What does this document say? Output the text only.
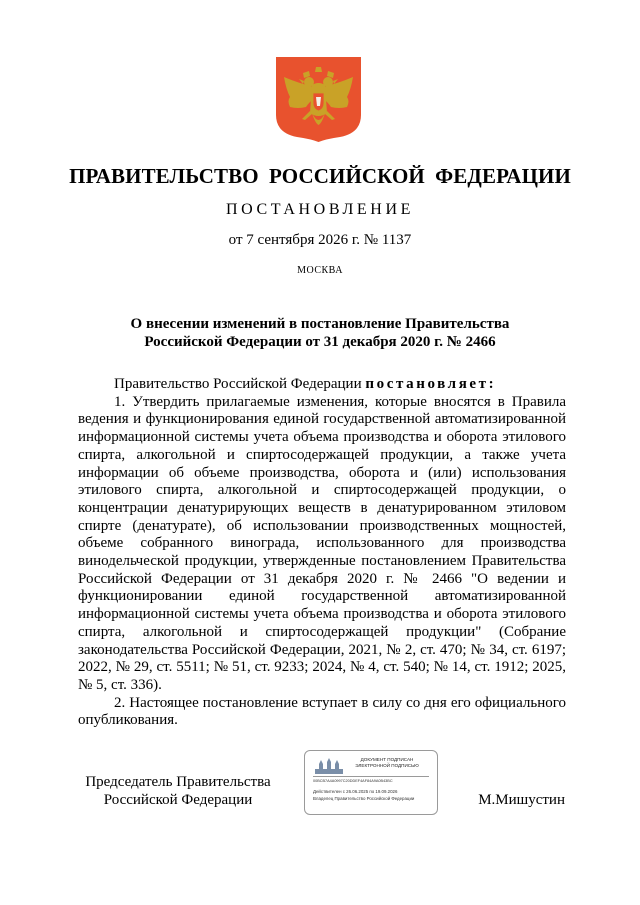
ПРАВИТЕЛЬСТВО РОССИЙСКОЙ ФЕДЕРАЦИИ
ПОСТАНОВЛЕНИЕ
от 7 сентября 2026 г. № 1137
МОСКВА
О внесении изменений в постановление Правительства
Российской Федерации от 31 декабря 2020 г. № 2466

Правительство Российской Федерации постановляет:

1. Утвердить прилагаемые изменения, которые вносятся в Правила ведения и функционирования единой государственной автоматизированной информационной системы учета объема производства и оборота этилового спирта, алкогольной и спиртосодержащей продукции, а также учета информации об объеме производства, оборота и (или) использования этилового спирта, алкогольной и спиртосодержащей продукции, о концентрации денатурирующих веществ в денатурированном этиловом спирте (денатурате), об использовании производственных мощностей, объеме собранного винограда, использованного для производства винодельческой продукции, утвержденные постановлением Правительства Российской Федерации от 31 декабря 2020 г. № 2466 "О ведении и функционировании единой государственной автоматизированной информационной системы учета объема производства и оборота этилового спирта, алкогольной и спиртосодержащей продукции" (Собрание законодательства Российской Федерации, 2021, № 2, ст. 470; № 34, ст. 6197; 2022, № 29, ст. 5511; № 51, ст. 9233; 2024, № 4, ст. 540; № 14, ст. 1912; 2025, № 5, ст. 336).

2. Настоящее постановление вступает в силу со дня его официального опубликования.

Председатель Правительства
Российской Федерации
ДОКУМЕНТ ПОДПИСАН
ЭЛЕКТРОННОЙ ПОДПИСЬЮ
00BCB7A4A0997C20DDEF4AF84A9A0B43BC
Действителен с 26.06.2025 по 19.09.2026
Владелец Правительство Российской Федерации	М.Мишустин
